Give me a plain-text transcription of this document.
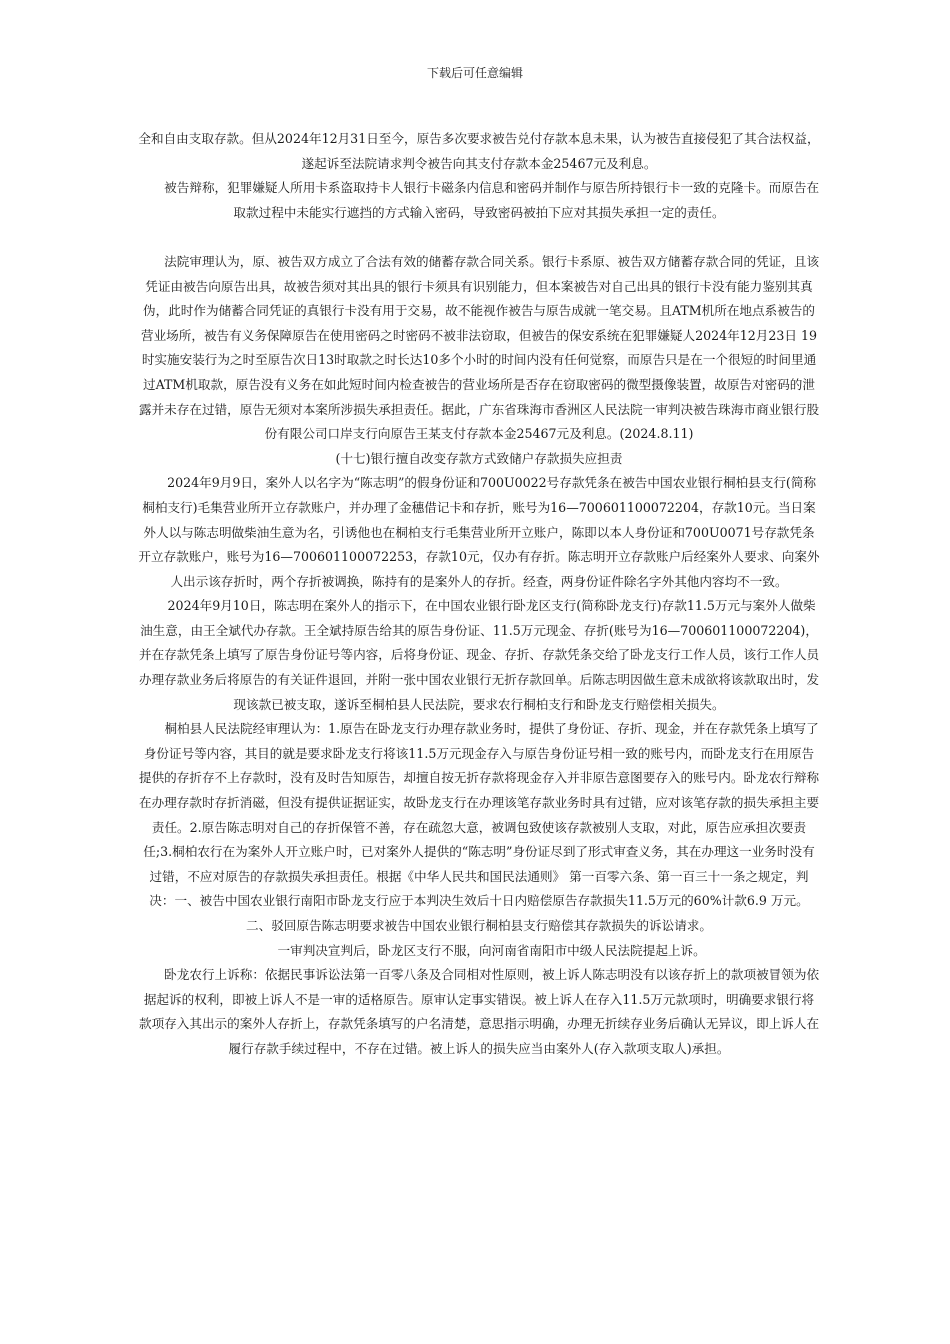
下载后可任意编辑

全和自由支取存款。但从2024年12月31日至今，原告多次要求被告兑付存款本息未果，认为被告直接侵犯了其合法权益，遂起诉至法院请求判令被告向其支付存款本金25467元及利息。

被告辩称，犯罪嫌疑人所用卡系盗取持卡人银行卡磁条内信息和密码并制作与原告所持银行卡一致的克隆卡。而原告在取款过程中未能实行遮挡的方式输入密码，导致密码被拍下应对其损失承担一定的责任。

法院审理认为，原、被告双方成立了合法有效的储蓄存款合同关系。银行卡系原、被告双方储蓄存款合同的凭证，且该凭证由被告向原告出具，故被告须对其出具的银行卡须具有识别能力，但本案被告对自己出具的银行卡没有能力鉴别其真伪，此时作为储蓄合同凭证的真银行卡没有用于交易，故不能视作被告与原告成就一笔交易。且ATM机所在地点系被告的营业场所，被告有义务保障原告在使用密码之时密码不被非法窃取，但被告的保安系统在犯罪嫌疑人2024年12月23日 19时实施安装行为之时至原告次日13时取款之时长达10多个小时的时间内没有任何觉察，而原告只是在一个很短的时间里通过ATM机取款，原告没有义务在如此短时间内检查被告的营业场所是否存在窃取密码的微型摄像装置，故原告对密码的泄露并未存在过错，原告无须对本案所涉损失承担责任。据此，广东省珠海市香洲区人民法院一审判决被告珠海市商业银行股份有限公司口岸支行向原告王某支付存款本金25467元及利息。(2024.8.11)

(十七)银行擅自改变存款方式致储户存款损失应担责

2024年9月9日，案外人以名字为“陈志明”的假身份证和700U0022号存款凭条在被告中国农业银行桐柏县支行(简称桐柏支行)毛集营业所开立存款账户，并办理了金穗借记卡和存折，账号为16—700601100072204，存款10元。当日案外人以与陈志明做柴油生意为名，引诱他也在桐柏支行毛集营业所开立账户，陈即以本人身份证和700U0071号存款凭条开立存款账户，账号为16—700601100072253，存款10元，仅办有存折。陈志明开立存款账户后经案外人要求、向案外人出示该存折时，两个存折被调换，陈持有的是案外人的存折。经查，两身份证件除名字外其他内容均不一致。

2024年9月10日，陈志明在案外人的指示下，在中国农业银行卧龙区支行(简称卧龙支行)存款11.5万元与案外人做柴油生意，由王全斌代办存款。王全斌持原告给其的原告身份证、11.5万元现金、存折(账号为16—700601100072204)，并在存款凭条上填写了原告身份证号等内容，后将身份证、现金、存折、存款凭条交给了卧龙支行工作人员，该行工作人员办理存款业务后将原告的有关证件退回，并附一张中国农业银行无折存款回单。后陈志明因做生意未成欲将该款取出时，发现该款已被支取，遂诉至桐柏县人民法院，要求农行桐柏支行和卧龙支行赔偿相关损失。

桐柏县人民法院经审理认为：1.原告在卧龙支行办理存款业务时，提供了身份证、存折、现金，并在存款凭条上填写了身份证号等内容，其目的就是要求卧龙支行将该11.5万元现金存入与原告身份证号相一致的账号内，而卧龙支行在用原告提供的存折存不上存款时，没有及时告知原告，却擅自按无折存款将现金存入并非原告意图要存入的账号内。卧龙农行辩称在办理存款时存折消磁，但没有提供证据证实，故卧龙支行在办理该笔存款业务时具有过错，应对该笔存款的损失承担主要责任。2.原告陈志明对自己的存折保管不善，存在疏忽大意，被调包致使该存款被别人支取，对此，原告应承担次要责任;3.桐柏农行在为案外人开立账户时，已对案外人提供的“陈志明”身份证尽到了形式审查义务，其在办理这一业务时没有过错，不应对原告的存款损失承担责任。根据《中华人民共和国民法通则》 第一百零六条、第一百三十一条之规定，判决：一、被告中国农业银行南阳市卧龙支行应于本判决生效后十日内赔偿原告存款损失11.5万元的60%计款6.9 万元。二、驳回原告陈志明要求被告中国农业银行桐柏县支行赔偿其存款损失的诉讼请求。

一审判决宣判后，卧龙区支行不服，向河南省南阳市中级人民法院提起上诉。

卧龙农行上诉称：依据民事诉讼法第一百零八条及合同相对性原则，被上诉人陈志明没有以该存折上的款项被冒领为依据起诉的权利，即被上诉人不是一审的适格原告。原审认定事实错误。被上诉人在存入11.5万元款项时，明确要求银行将款项存入其出示的案外人存折上，存款凭条填写的户名清楚，意思指示明确，办理无折续存业务后确认无异议，即上诉人在履行存款手续过程中，不存在过错。被上诉人的损失应当由案外人(存入款项支取人)承担。
